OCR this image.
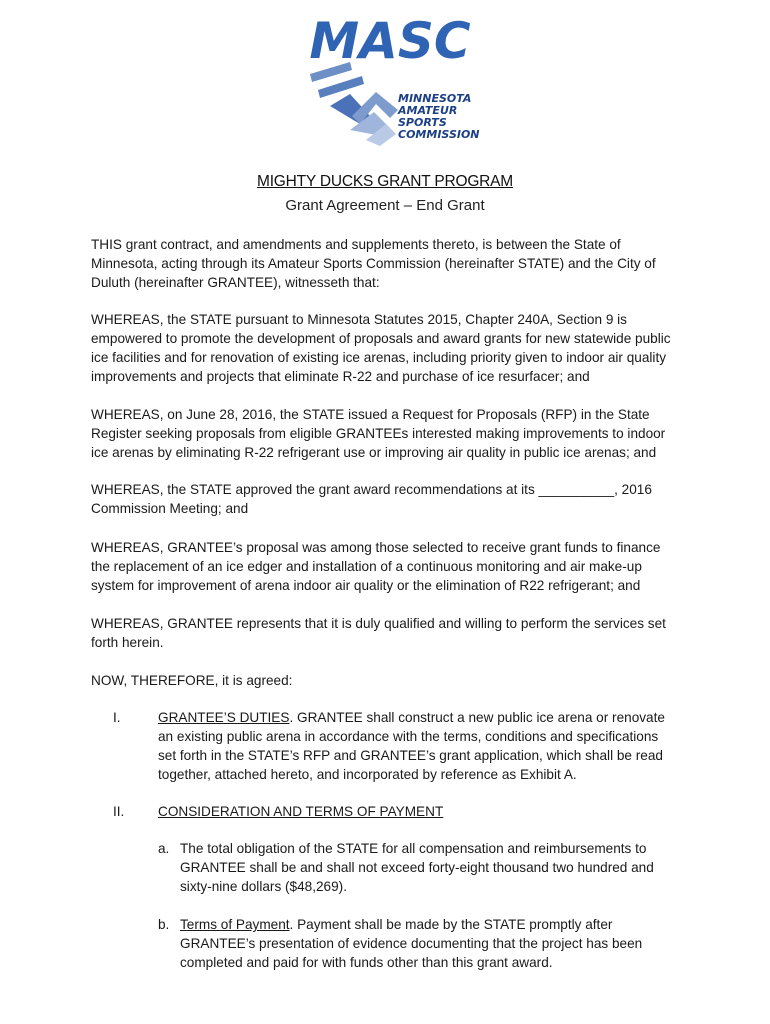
MASC
MINNESOTA
AMATEUR
SPORTS
COMMISSION
MIGHTY DUCKS GRANT PROGRAM
Grant Agreement – End Grant

THIS grant contract, and amendments and supplements thereto, is between the State of Minnesota, acting through its Amateur Sports Commission (hereinafter STATE) and the City of Duluth (hereinafter GRANTEE), witnesseth that:

WHEREAS, the STATE pursuant to Minnesota Statutes 2015, Chapter 240A, Section 9 is empowered to promote the development of proposals and award grants for new statewide public ice facilities and for renovation of existing ice arenas, including priority given to indoor air quality improvements and projects that eliminate R-22 and purchase of ice resurfacer; and

WHEREAS, on June 28, 2016, the STATE issued a Request for Proposals (RFP) in the State Register seeking proposals from eligible GRANTEEs interested making improvements to indoor ice arenas by eliminating R-22 refrigerant use or improving air quality in public ice arenas; and

WHEREAS, the STATE approved the grant award recommendations at its __________, 2016 Commission Meeting; and

WHEREAS, GRANTEE’s proposal was among those selected to receive grant funds to finance the replacement of an ice edger and installation of a continuous monitoring and air make-up system for improvement of arena indoor air quality or the elimination of R22 refrigerant; and

WHEREAS, GRANTEE represents that it is duly qualified and willing to perform the services set forth herein.

NOW, THEREFORE, it is agreed:

I.	GRANTEE’S DUTIES. GRANTEE shall construct a new public ice arena or renovate an existing public arena in accordance with the terms, conditions and specifications set forth in the STATE’s RFP and GRANTEE’s grant application, which shall be read together, attached hereto, and incorporated by reference as Exhibit A.
II. CONSIDERATION AND TERMS OF PAYMENT
a. The total obligation of the STATE for all compensation and reimbursements to GRANTEE shall be and shall not exceed forty-eight thousand two hundred and sixty-nine dollars ($48,269).
b. Terms of Payment. Payment shall be made by the STATE promptly after GRANTEE’s presentation of evidence documenting that the project has been completed and paid for with funds other than this grant award.
